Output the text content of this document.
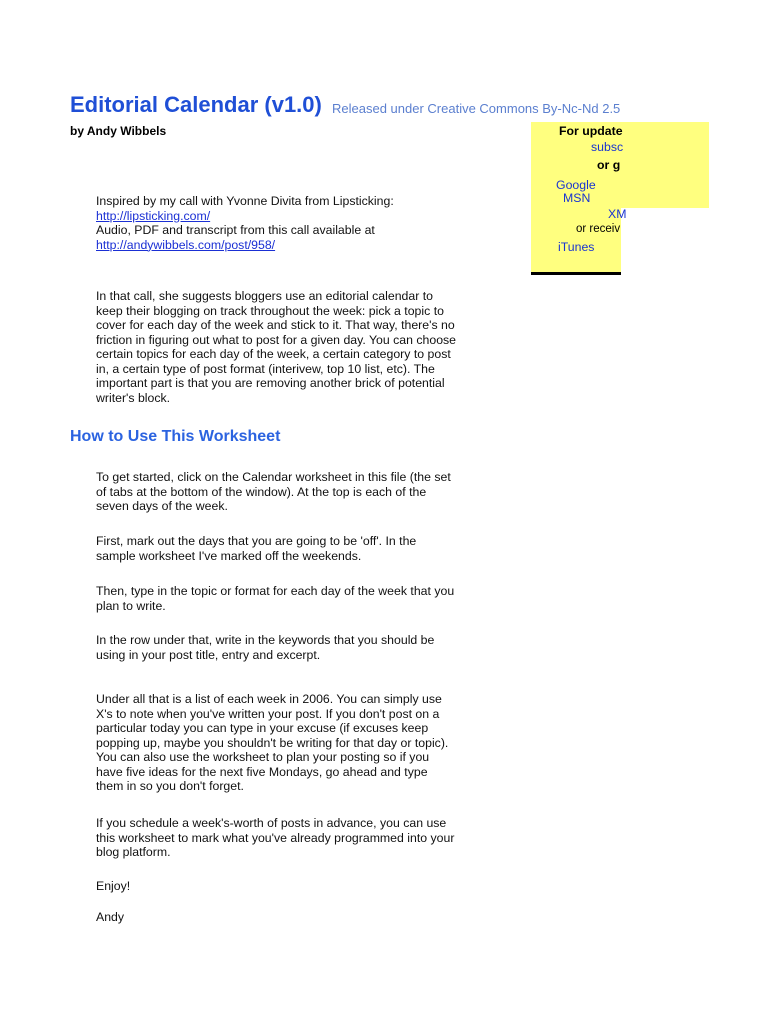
Editorial Calendar (v1.0) Released under Creative Commons By-Nc-Nd 2.5
by Andy Wibbels	For update
subsc
or g
Google
MSN
XM
or receiv
iTunes
Inspired by my call with Yvonne Divita from Lipsticking:
http://lipsticking.com/
Audio, PDF and transcript from this call available at
http://andywibbels.com/post/958/
In that call, she suggests bloggers use an editorial calendar to
keep their blogging on track throughout the week: pick a topic to
cover for each day of the week and stick to it. That way, there's no
friction in figuring out what to post for a given day. You can choose
certain topics for each day of the week, a certain category to post
in, a certain type of post format (interivew, top 10 list, etc). The
important part is that you are removing another brick of potential
writer's block.
How to Use This Worksheet
To get started, click on the Calendar worksheet in this file (the set
of tabs at the bottom of the window). At the top is each of the
seven days of the week.
First, mark out the days that you are going to be 'off'. In the
sample worksheet I've marked off the weekends.
Then, type in the topic or format for each day of the week that you
plan to write.
In the row under that, write in the keywords that you should be
using in your post title, entry and excerpt.
Under all that is a list of each week in 2006. You can simply use
X's to note when you've written your post. If you don't post on a
particular today you can type in your excuse (if excuses keep
popping up, maybe you shouldn't be writing for that day or topic).
You can also use the worksheet to plan your posting so if you
have five ideas for the next five Mondays, go ahead and type
them in so you don't forget.
If you schedule a week's-worth of posts in advance, you can use
this worksheet to mark what you've already programmed into your
blog platform.
Enjoy!
Andy
